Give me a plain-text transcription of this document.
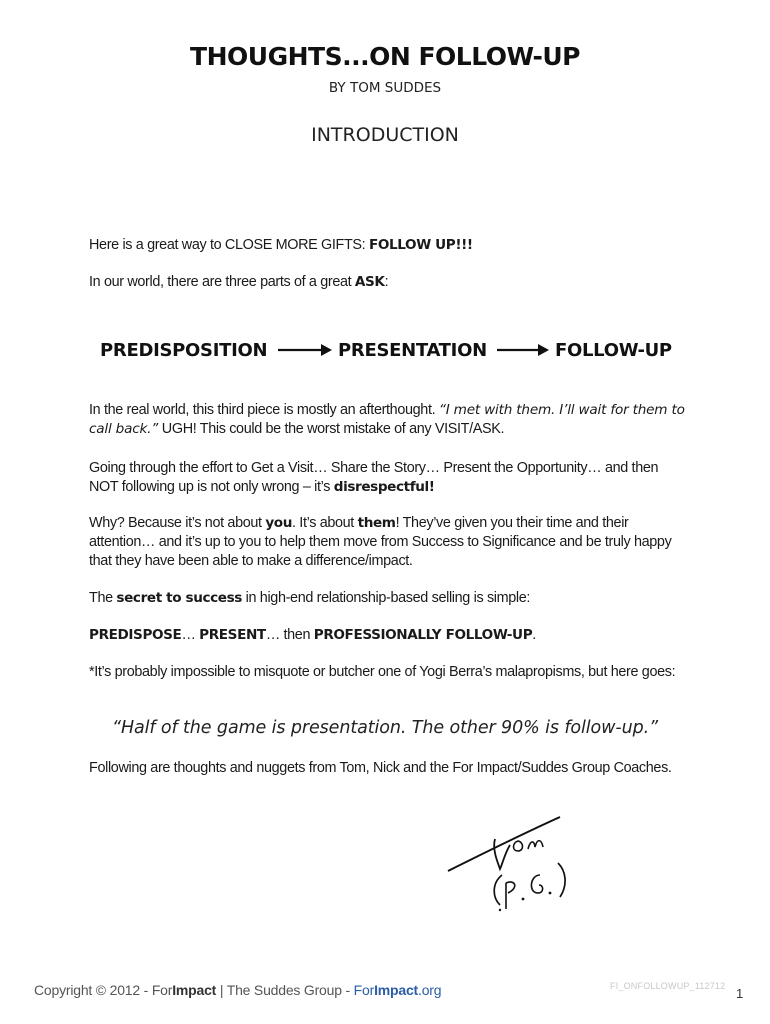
THOUGHTS...ON FOLLOW-UP
BY TOM SUDDES
INTRODUCTION
Here is a great way to CLOSE MORE GIFTS: FOLLOW UP!!!
In our world, there are three parts of a great ASK:
PREDISPOSITION	PRESENTATION	FOLLOW-UP
In the real world, this third piece is mostly an afterthought. “I met with them. I’ll wait for them to call back.” UGH! This could be the worst mistake of any VISIT/ASK.
Going through the effort to Get a Visit… Share the Story… Present the Opportunity… and then NOT following up is not only wrong – it’s disrespectful!
Why? Because it’s not about you. It’s about them! They’ve given you their time and their attention… and it’s up to you to help them move from Success to Significance and be truly happy that they have been able to make a difference/impact.
The secret to success in high-end relationship-based selling is simple:
PREDISPOSE… PRESENT… then PROFESSIONALLY FOLLOW-UP.
*It’s probably impossible to misquote or butcher one of Yogi Berra’s malapropisms, but here goes:
“Half of the game is presentation. The other 90% is follow-up.”
Following are thoughts and nuggets from Tom, Nick and the For Impact/Suddes Group Coaches.
Copyright © 2012 - ForImpact | The Suddes Group - ForImpact.org	FI_ONFOLLOWUP_112712 1
